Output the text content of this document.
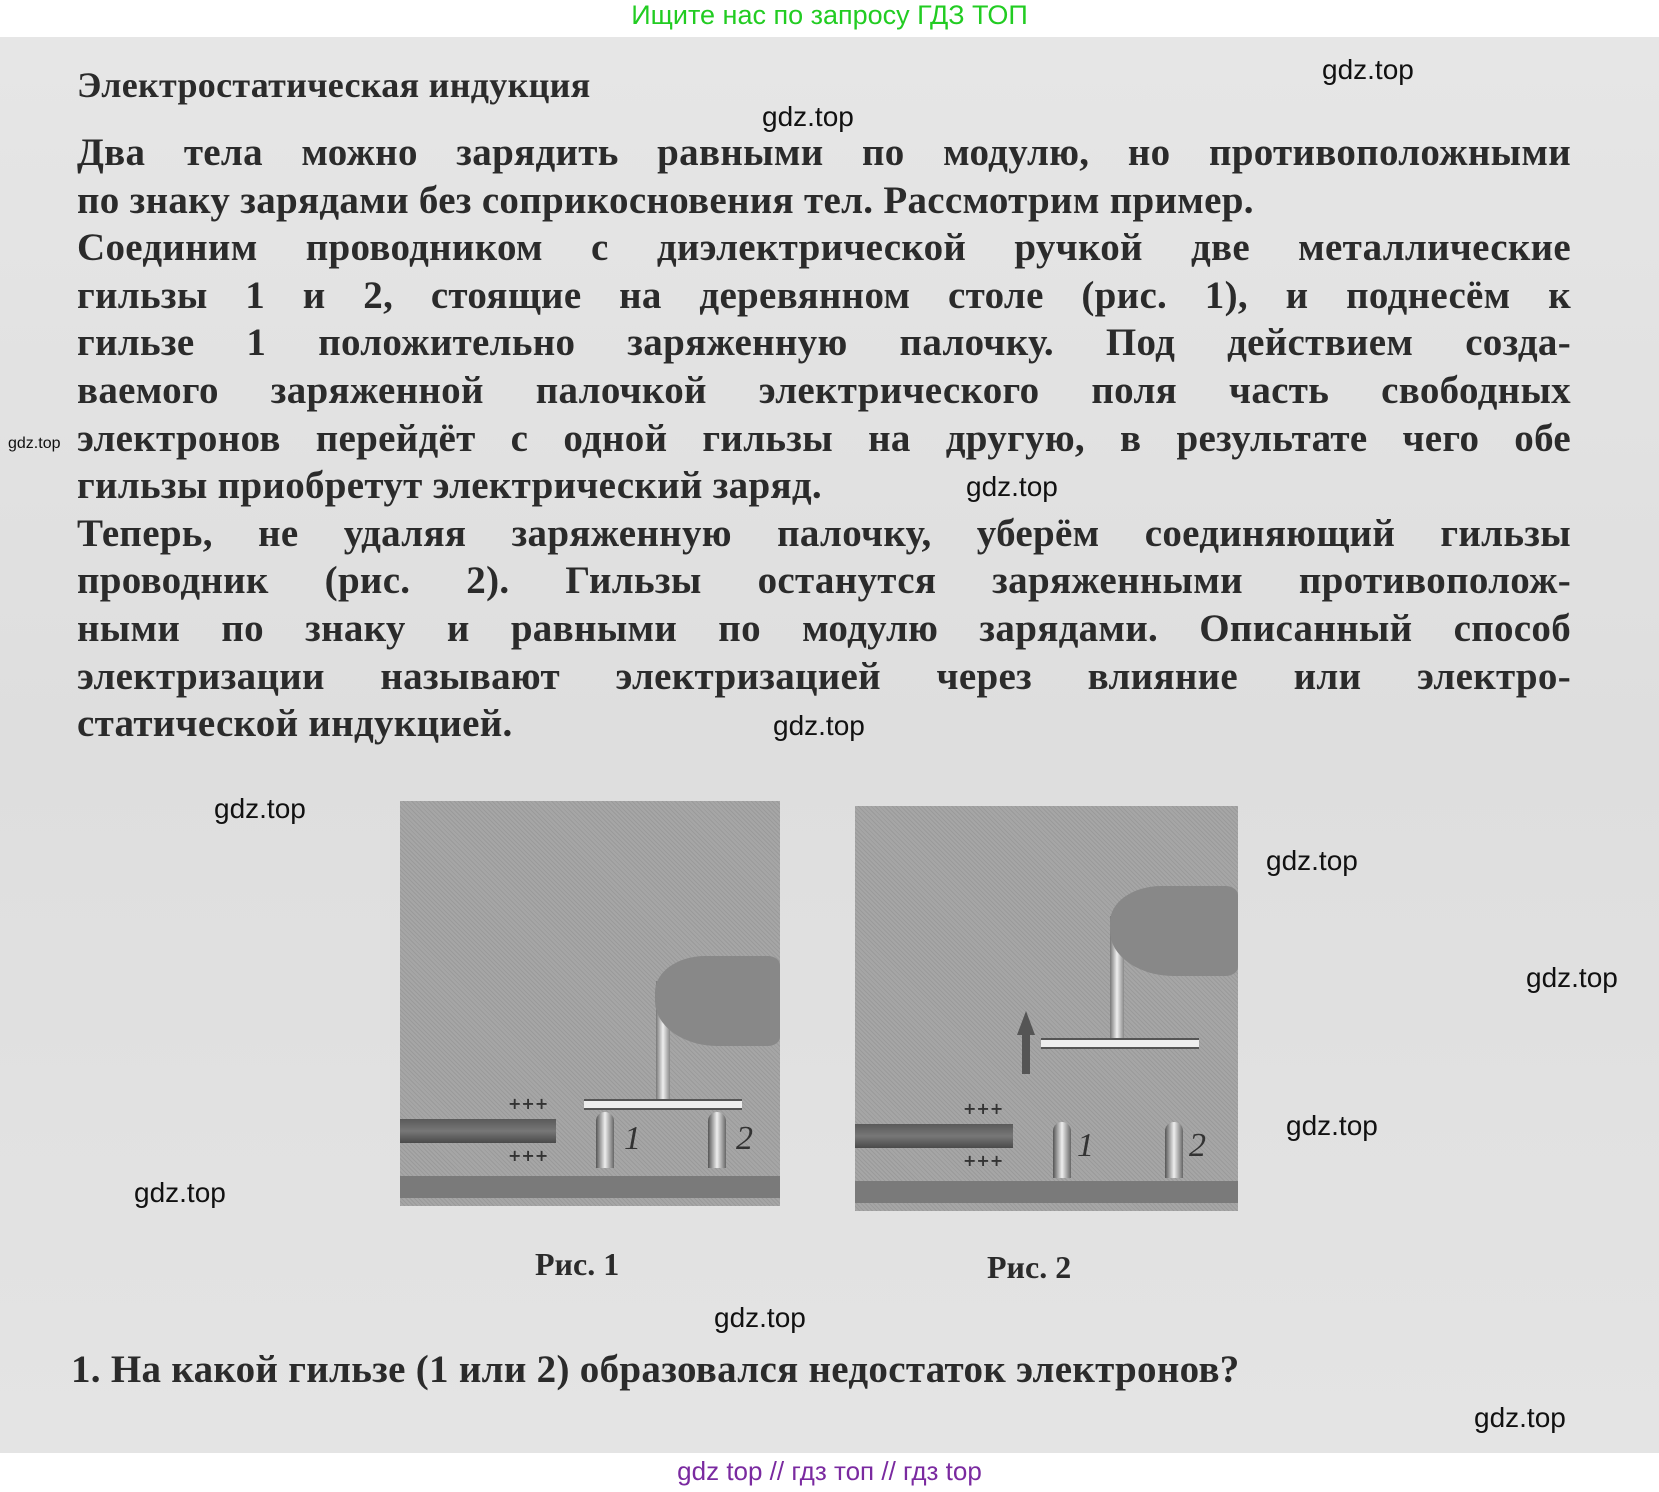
Ищите нас по запросу ГДЗ ТОП
Электростатическая индукция
Два тела можно зарядить равными по модулю, но противоположными
по знаку зарядами без соприкосновения тел. Рассмотрим пример.
Соединим проводником с диэлектрической ручкой две металлические
гильзы 1 и 2, стоящие на деревянном столе (рис. 1), и поднесём к
гильзе 1 положительно заряженную палочку. Под действием созда-
ваемого заряженной палочкой электрического поля часть свободных
электронов перейдёт с одной гильзы на другую, в результате чего обе
гильзы приобретут электрический заряд.
Теперь, не удаляя заряженную палочку, уберём соединяющий гильзы
проводник (рис. 2). Гильзы останутся заряженными противополож-
ными по знаку и равными по модулю зарядами. Описанный способ
электризации называют электризацией через влияние или электро-
статической индукцией.
+++
+++ 1	2
+++
+++ 1	2
Рис. 1	Рис. 2
1. На какой гильзе (1 или 2) образовался недостаток электронов?
gdz.top
gdz.top
gdz.top
gdz.top
gdz.top
gdz.top
gdz.top
gdz.top
gdz.top
gdz.top
gdz.top
gdz.top
gdz top // гдз топ // гдз top
